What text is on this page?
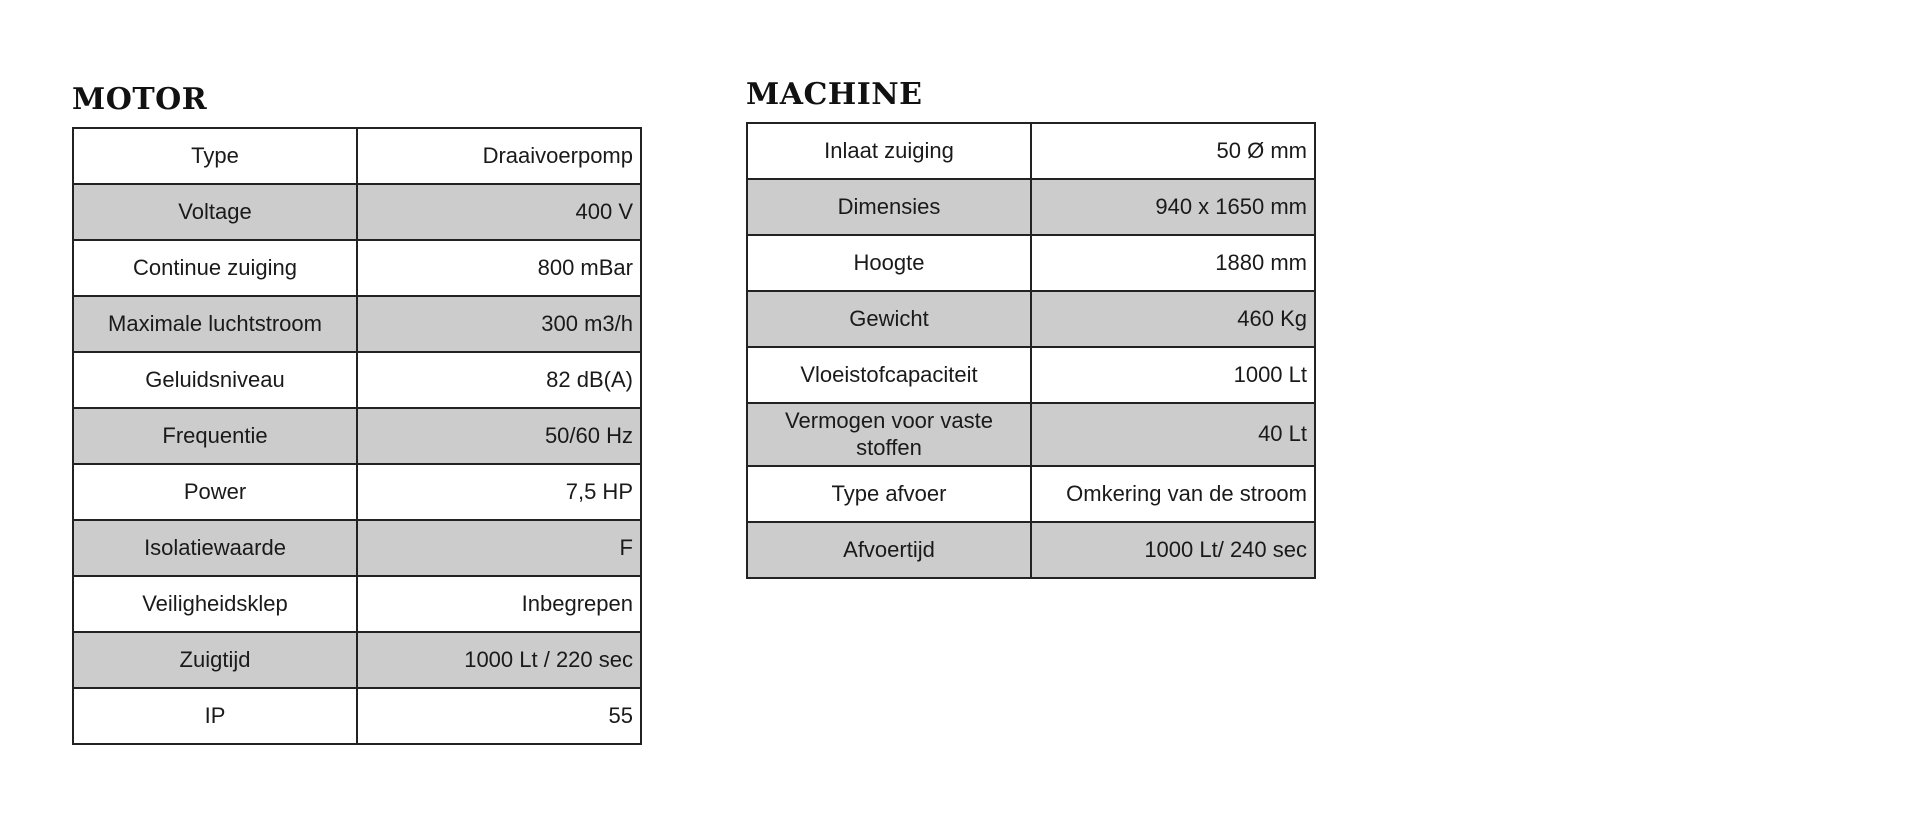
MOTOR
Type	Draaivoerpomp
Voltage	400 V
Continue zuiging	800 mBar
Maximale luchtstroom	300 m3/h
Geluidsniveau	82 dB(A)
Frequentie	50/60 Hz
Power	7,5 HP
Isolatiewaarde	F
Veiligheidsklep	Inbegrepen
Zuigtijd	1000 Lt / 220 sec
IP	55
MACHINE
Inlaat zuiging	50 Ø mm
Dimensies	940 x 1650 mm
Hoogte	1880 mm
Gewicht	460 Kg
Vloeistofcapaciteit	1000 Lt
Vermogen voor vaste stoffen	40 Lt
Type afvoer	Omkering van de stroom
Afvoertijd	1000 Lt/ 240 sec
